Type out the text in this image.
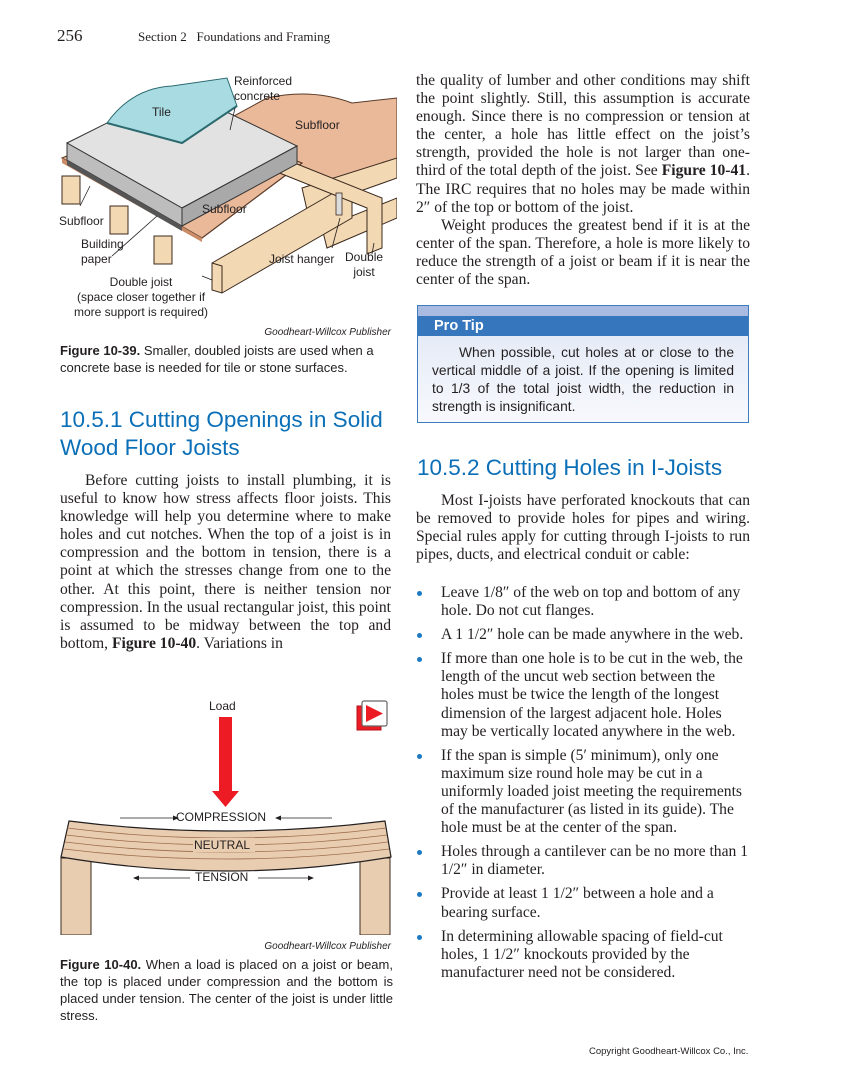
256	Section 2   Foundations and Framing
Reinforced
concrete
Tile
Subfloor
Subfloor
Subfloor
Building
paper	Joist hanger Double
joist
Double joist
(space closer together if
more support is required)
Goodheart-Willcox Publisher

Figure 10-39. Smaller, doubled joists are used when a concrete base is needed for tile or stone surfaces.

10.5.1 Cutting Openings in Solid
Wood Floor Joists

Before cutting joists to install plumbing, it is useful to know how stress affects floor joists. This knowledge will help you determine where to make holes and cut notches. When the top of a joist is in compression and the bottom in tension, there is a point at which the stresses change from one to the other. At this point, there is neither tension nor compression. In the usual rectangular joist, this point is assumed to be midway between the top and bottom, Figure 10-40. Variations in

the quality of lumber and other conditions may shift the point slightly. Still, this assumption is accurate enough. Since there is no compression or tension at the center, a hole has little effect on the joist’s strength, provided the hole is not larger than one-third of the total depth of the joist. See Figure 10-41. The IRC requires that no holes may be made within 2″ of the top or bottom of the joist.

Weight produces the greatest bend if it is at the center of the span. Therefore, a hole is more likely to reduce the strength of a joist or beam if it is near the center of the span.

Pro Tip
When possible, cut holes at or close to the vertical middle of a joist. If the opening is limited to 1/3 of the total joist width, the reduction in strength is insignificant.
10.5.2 Cutting Holes in I-Joists

Most I-joists have perforated knockouts that can be removed to provide holes for pipes and wiring. Special rules apply for cutting through I-joists to run pipes, ducts, and electrical conduit or cable:

Leave 1/8″ of the web on top and bottom of any hole. Do not cut flanges.
A 1 1/2″ hole can be made anywhere in the web.
If more than one hole is to be cut in the web, the length of the uncut web section between the holes must be twice the length of the longest dimension of the largest adjacent hole. Holes may be vertically located anywhere in the web.
If the span is simple (5′ minimum), only one maximum size round hole may be cut in a uniformly loaded joist meeting the requirements of the manufacturer (as listed in its guide). The hole must be at the center of the span.
Holes through a cantilever can be no more than 1 1/2″ in diameter.
Provide at least 1 1/2″ between a hole and a bearing surface.
In determining allowable spacing of field-cut holes, 1 1/2″ knockouts provided by the manufacturer need not be considered.
Load
COMPRESSION
NEUTRAL
TENSION
Goodheart-Willcox Publisher

Figure 10-40. When a load is placed on a joist or beam, the top is placed under compression and the bottom is placed under tension. The center of the joist is under little stress.

Copyright Goodheart-Willcox Co., Inc.
